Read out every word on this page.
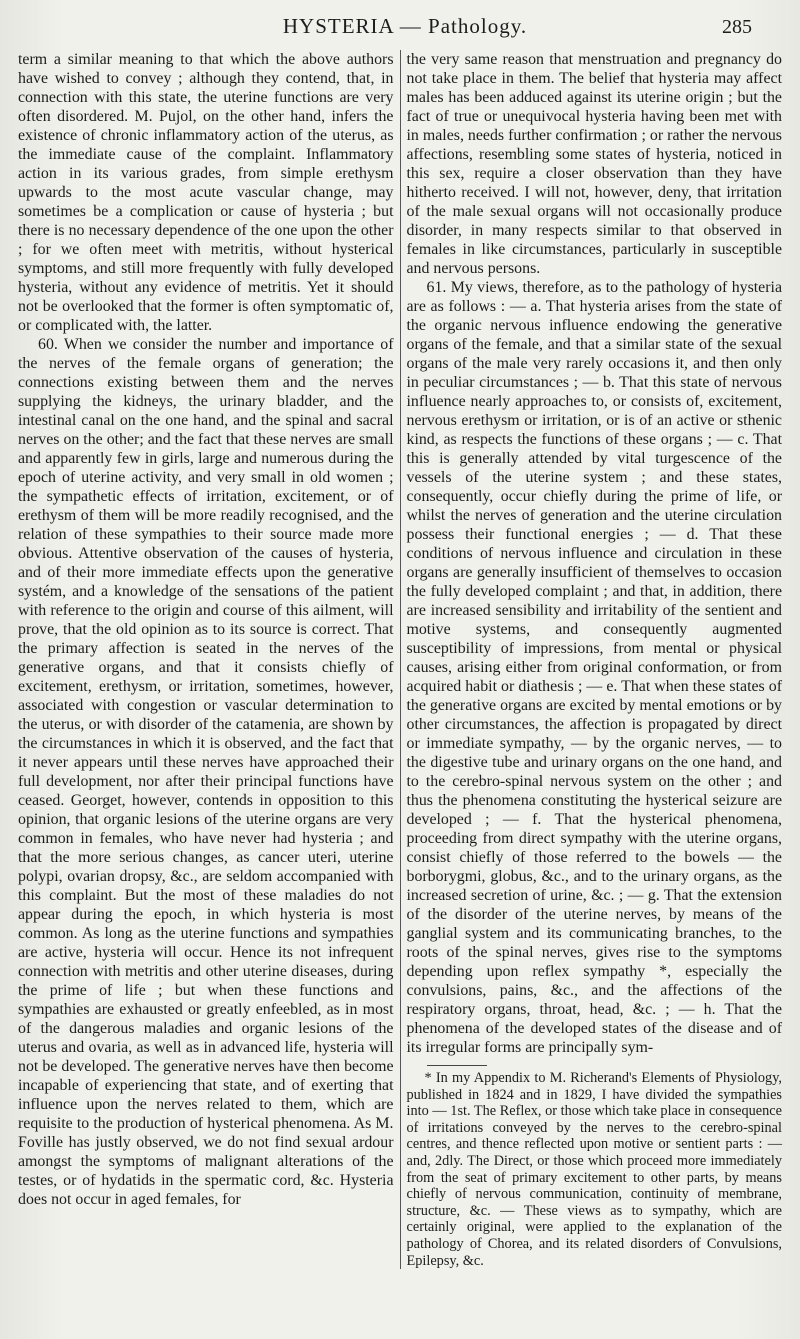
HYSTERIA — Pathology.	285

term a similar meaning to that which the above authors have wished to convey ; although they contend, that, in connection with this state, the uterine functions are very often disordered. M. Pujol, on the other hand, infers the existence of chronic inflammatory action of the uterus, as the immediate cause of the complaint. Inflammatory action in its various grades, from simple erethysm upwards to the most acute vascular change, may sometimes be a complication or cause of hysteria ; but there is no necessary dependence of the one upon the other ; for we often meet with metritis, without hysterical symptoms, and still more frequently with fully developed hysteria, without any evidence of metritis. Yet it should not be overlooked that the former is often symptomatic of, or complicated with, the latter.

60. When we consider the number and importance of the nerves of the female organs of generation; the connections existing between them and the nerves supplying the kidneys, the urinary bladder, and the intestinal canal on the one hand, and the spinal and sacral nerves on the other; and the fact that these nerves are small and apparently few in girls, large and numerous during the epoch of uterine activity, and very small in old women ; the sympathetic effects of irritation, excitement, or of erethysm of them will be more readily recognised, and the relation of these sympathies to their source made more obvious. Attentive observation of the causes of hysteria, and of their more immediate effects upon the generative systém, and a knowledge of the sensations of the patient with reference to the origin and course of this ailment, will prove, that the old opinion as to its source is correct. That the primary affection is seated in the nerves of the generative organs, and that it consists chiefly of excitement, erethysm, or irritation, sometimes, however, associated with congestion or vascular determination to the uterus, or with disorder of the catamenia, are shown by the circumstances in which it is observed, and the fact that it never appears until these nerves have approached their full development, nor after their principal functions have ceased. Georget, however, contends in opposition to this opinion, that organic lesions of the uterine organs are very common in females, who have never had hysteria ; and that the more serious changes, as cancer uteri, uterine polypi, ovarian dropsy, &c., are seldom accompanied with this complaint. But the most of these maladies do not appear during the epoch, in which hysteria is most common. As long as the uterine functions and sympathies are active, hysteria will occur. Hence its not infrequent connection with metritis and other uterine diseases, during the prime of life ; but when these functions and sympathies are exhausted or greatly enfeebled, as in most of the dangerous maladies and organic lesions of the uterus and ovaria, as well as in advanced life, hysteria will not be developed. The generative nerves have then become incapable of experiencing that state, and of exerting that influence upon the nerves related to them, which are requisite to the production of hysterical phenomena. As M. Foville has justly observed, we do not find sexual ardour amongst the symptoms of malignant alterations of the testes, or of hydatids in the spermatic cord, &c. Hysteria does not occur in aged females, for

the very same reason that menstruation and pregnancy do not take place in them. The belief that hysteria may affect males has been adduced against its uterine origin ; but the fact of true or unequivocal hysteria having been met with in males, needs further confirmation ; or rather the nervous affections, resembling some states of hysteria, noticed in this sex, require a closer observation than they have hitherto received. I will not, however, deny, that irritation of the male sexual organs will not occasionally produce disorder, in many respects similar to that observed in females in like circumstances, particularly in susceptible and nervous persons.

61. My views, therefore, as to the pathology of hysteria are as follows : — a. That hysteria arises from the state of the organic nervous influence endowing the generative organs of the female, and that a similar state of the sexual organs of the male very rarely occasions it, and then only in peculiar circumstances ; — b. That this state of nervous influence nearly approaches to, or consists of, excitement, nervous erethysm or irritation, or is of an active or sthenic kind, as respects the functions of these organs ; — c. That this is generally attended by vital turgescence of the vessels of the uterine system ; and these states, consequently, occur chiefly during the prime of life, or whilst the nerves of generation and the uterine circulation possess their functional energies ; — d. That these conditions of nervous influence and circulation in these organs are generally insufficient of themselves to occasion the fully developed complaint ; and that, in addition, there are increased sensibility and irritability of the sentient and motive systems, and consequently augmented susceptibility of impressions, from mental or physical causes, arising either from original conformation, or from acquired habit or diathesis ; — e. That when these states of the generative organs are excited by mental emotions or by other circumstances, the affection is propagated by direct or immediate sympathy, — by the organic nerves, — to the digestive tube and urinary organs on the one hand, and to the cerebro-spinal nervous system on the other ; and thus the phenomena constituting the hysterical seizure are developed ; — f. That the hysterical phenomena, proceeding from direct sympathy with the uterine organs, consist chiefly of those referred to the bowels — the borborygmi, globus, &c., and to the urinary organs, as the increased secretion of urine, &c. ; — g. That the extension of the disorder of the uterine nerves, by means of the ganglial system and its communicating branches, to the roots of the spinal nerves, gives rise to the symptoms depending upon reflex sympathy *, especially the convulsions, pains, &c., and the affections of the respiratory organs, throat, head, &c. ; — h. That the phenomena of the developed states of the disease and of its irregular forms are principally sym-

* In my Appendix to M. Richerand's Elements of Physiology, published in 1824 and in 1829, I have divided the sympathies into — 1st. The Reflex, or those which take place in consequence of irritations conveyed by the nerves to the cerebro-spinal centres, and thence reflected upon motive or sentient parts : — and, 2dly. The Direct, or those which proceed more immediately from the seat of primary excitement to other parts, by means chiefly of nervous communication, continuity of membrane, structure, &c. — These views as to sympathy, which are certainly original, were applied to the explanation of the pathology of Chorea, and its related disorders of Convulsions, Epilepsy, &c.
